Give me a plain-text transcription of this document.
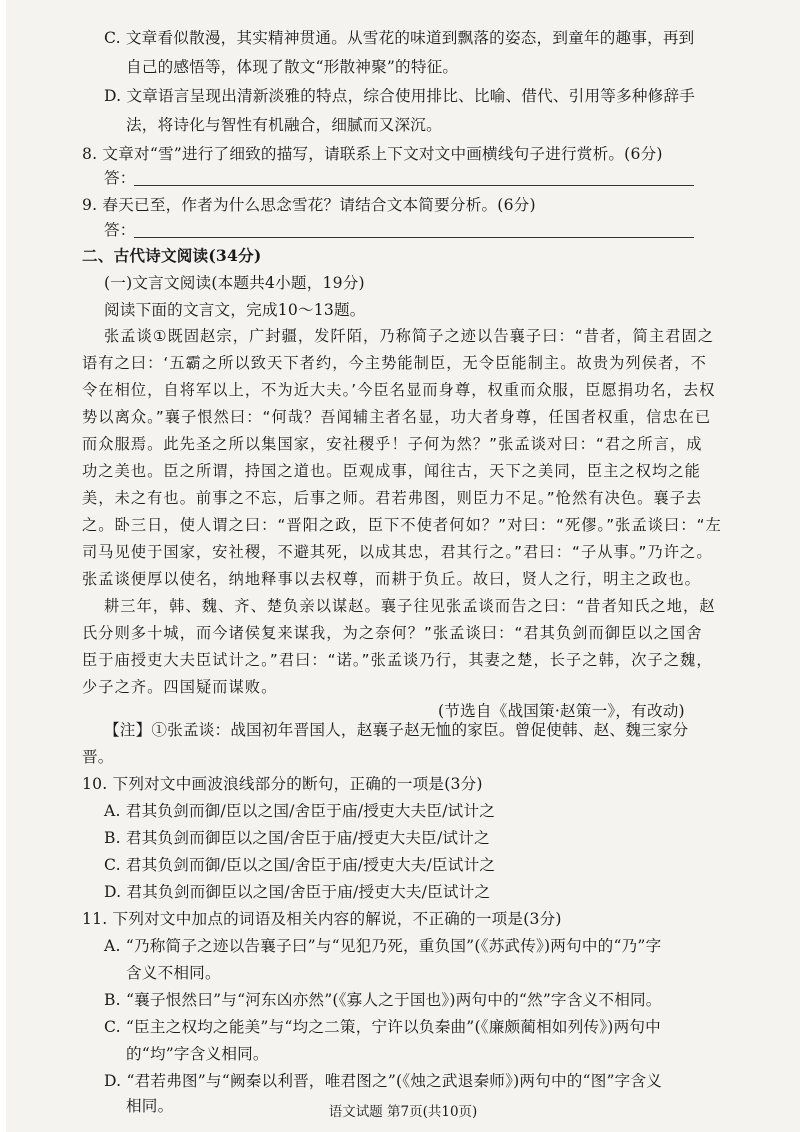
C. 文章看似散漫，其实精神贯通。从雪花的味道到飘落的姿态，到童年的趣事，再到
自己的感悟等，体现了散文“形散神聚”的特征。
D. 文章语言呈现出清新淡雅的特点，综合使用排比、比喻、借代、引用等多种修辞手
法，将诗化与智性有机融合，细腻而又深沉。
8. 文章对“雪”进行了细致的描写，请联系上下文对文中画横线句子进行赏析。(6分)
答：
9. 春天已至，作者为什么思念雪花？请结合文本简要分析。(6分)
答：
二、古代诗文阅读(34分)
(一)文言文阅读(本题共4小题，19分)
阅读下面的文言文，完成10～13题。
张孟谈①既固赵宗，广封疆，发阡陌，乃称简子之迹以告襄子曰：“昔者，简主君固之
语有之曰：‘五霸之所以致天下者约，今主势能制臣，无令臣能制主。故贵为列侯者，不
令在相位，自将军以上，不为近大夫。’今臣名显而身尊，权重而众服，臣愿捐功名，去权
势以离众。”襄子恨然曰：“何哉？吾闻辅主者名显，功大者身尊，任国者权重，信忠在已
而众服焉。此先圣之所以集国家，安社稷乎！子何为然？”张孟谈对曰：“君之所言，成
功之美也。臣之所谓，持国之道也。臣观成事，闻往古，天下之美同，臣主之权均之能
美，未之有也。前事之不忘，后事之师。君若弗图，则臣力不足。”怆然有决色。襄子去
之。卧三日，使人谓之曰：“晋阳之政，臣下不使者何如？”对曰：“死僇。”张孟谈曰：“左
司马见使于国家，安社稷，不避其死，以成其忠，君其行之。”君曰：“子从事。”乃许之。
张孟谈便厚以使名，纳地释事以去权尊，而耕于负丘。故曰，贤人之行，明主之政也。
耕三年，韩、魏、齐、楚负亲以谋赵。襄子往见张孟谈而告之曰：“昔者知氏之地，赵
氏分则多十城，而今诸侯复来谋我，为之奈何？”张孟谈曰：“君其负剑而御臣以之国舍
臣于庙授吏大夫臣试计之。”君曰：“诺。”张孟谈乃行，其妻之楚，长子之韩，次子之魏，
少子之齐。四国疑而谋败。
(节选自《战国策·赵策一》，有改动)
【注】①张孟谈：战国初年晋国人，赵襄子赵无恤的家臣。曾促使韩、赵、魏三家分
晋。
10. 下列对文中画波浪线部分的断句，正确的一项是(3分)
A. 君其负剑而御/臣以之国/舍臣于庙/授吏大夫臣/试计之
B. 君其负剑而御臣以之国/舍臣于庙/授吏大夫臣/试计之
C. 君其负剑而御/臣以之国/舍臣于庙/授吏大夫/臣试计之
D. 君其负剑而御臣以之国/舍臣于庙/授吏大夫/臣试计之
11. 下列对文中加点的词语及相关内容的解说，不正确的一项是(3分)
A. “乃称简子之迹以告襄子曰”与“见犯乃死，重负国”(《苏武传》)两句中的“乃”字
含义不相同。
B. “襄子恨然曰”与“河东凶亦然”(《寡人之于国也》)两句中的“然”字含义不相同。
C. “臣主之权均之能美”与“均之二策，宁许以负秦曲”(《廉颇蔺相如列传》)两句中
的“均”字含义相同。
D. “君若弗图”与“阙秦以利晋，唯君图之”(《烛之武退秦师》)两句中的“图”字含义
相同。	语文试题 第7页(共10页)
